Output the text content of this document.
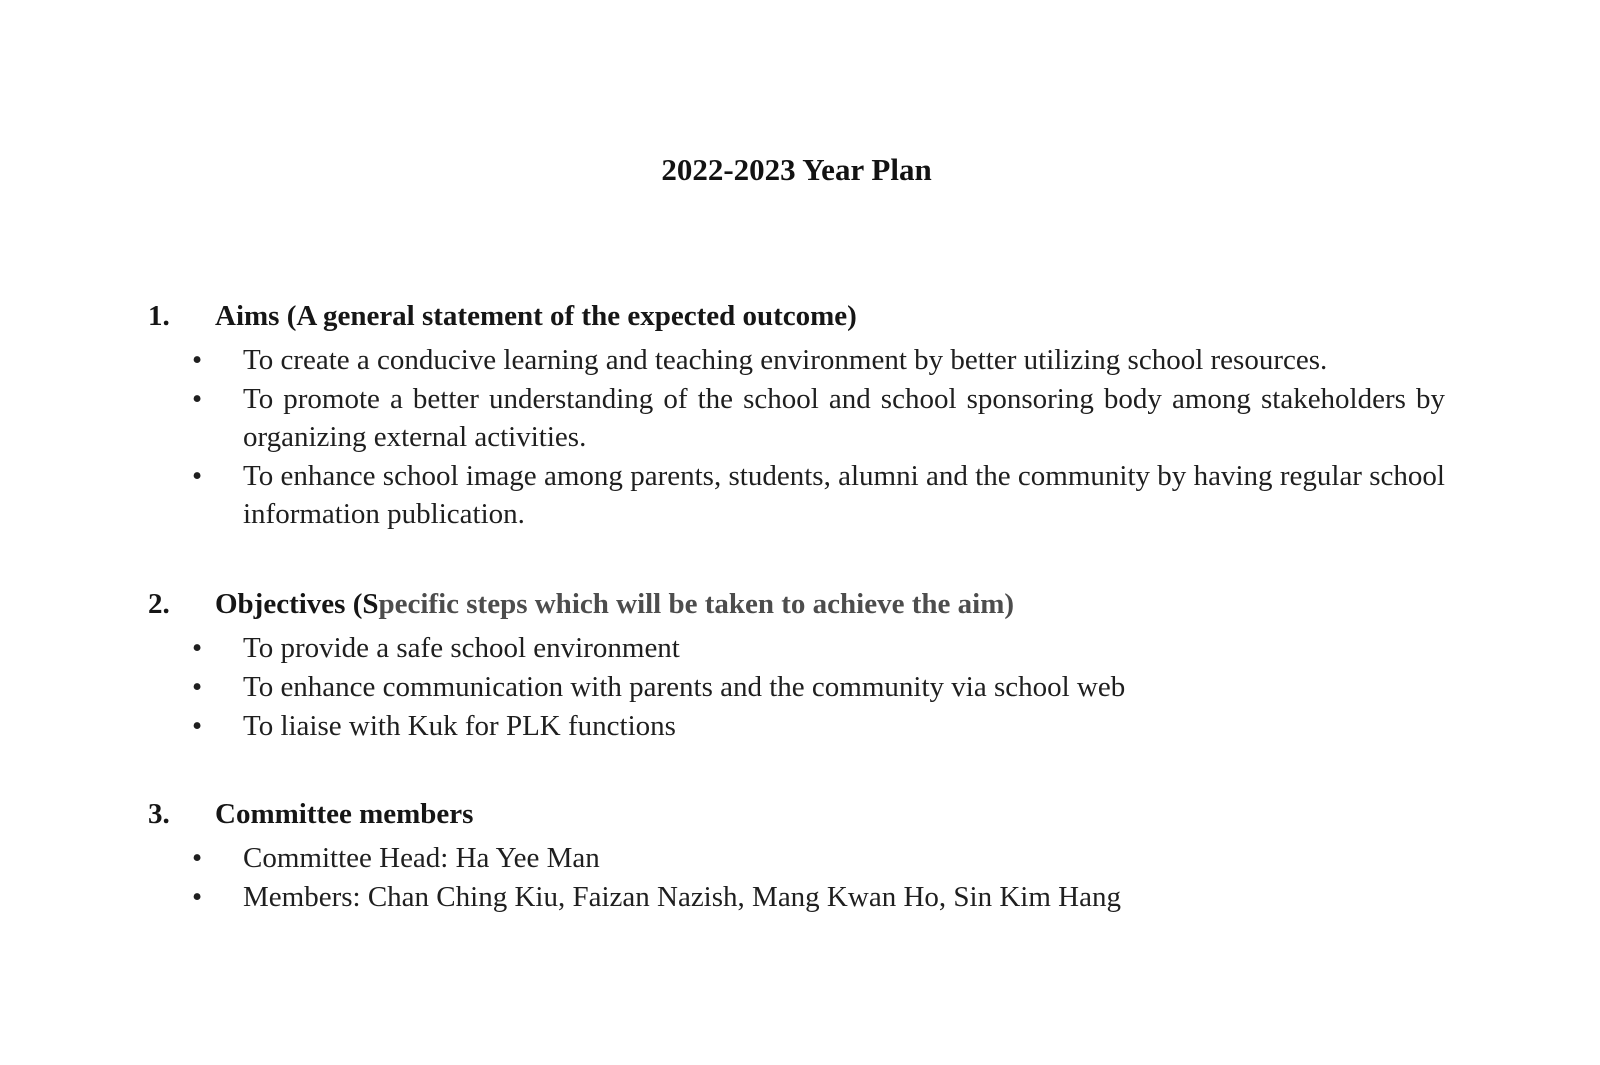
2022-2023 Year Plan
1.	Aims (A general statement of the expected outcome)
•	To create a conducive learning and teaching environment by better utilizing school resources.
•	To promote a better understanding of the school and school sponsoring body among stakeholders by organizing external activities.
•	To enhance school image among parents, students, alumni and the community by having regular school information publication.
2.	Objectives (Specific steps which will be taken to achieve the aim)
•	To provide a safe school environment
•	To enhance communication with parents and the community via school web
•	To liaise with Kuk for PLK functions
3.	Committee members
•	Committee Head: Ha Yee Man
•	Members: Chan Ching Kiu, Faizan Nazish, Mang Kwan Ho, Sin Kim Hang
